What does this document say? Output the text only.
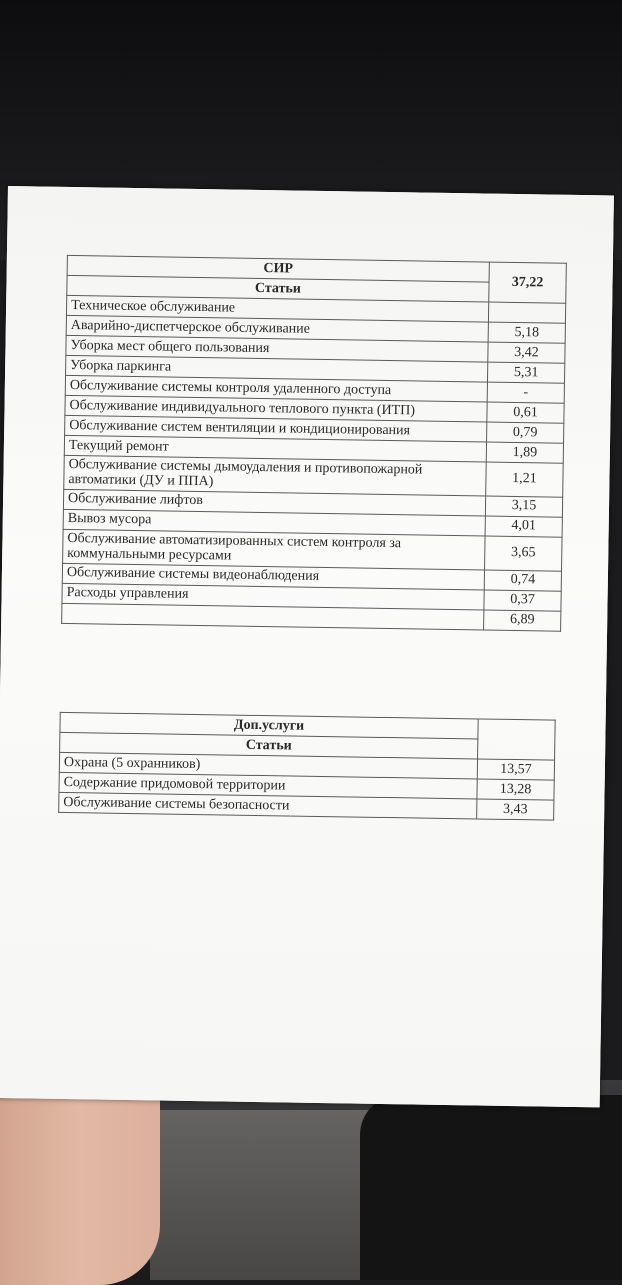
СИР	37,22
Статьи	
Техническое обслуживание	
Аварийно-диспетчерское обслуживание	5,18
Уборка мест общего пользования	3,42
Уборка паркинга	5,31
Обслуживание системы контроля удаленного доступа	-
Обслуживание индивидуального теплового пункта (ИТП)	0,61
Обслуживание систем вентиляции и кондиционирования	0,79
Текущий ремонт	1,89
Обслуживание системы дымоудаления и противопожарной автоматики (ДУ и ППА)	1,21
Обслуживание лифтов	3,15
Вывоз мусора	4,01
Обслуживание автоматизированных систем контроля за коммунальными ресурсами	3,65
Обслуживание системы видеонаблюдения	0,74
Расходы управления	0,37
	6,89
Доп.услуги	
Статьи	
Охрана (5 охранников)	13,57
Содержание придомовой территории	13,28
Обслуживание системы безопасности	3,43
